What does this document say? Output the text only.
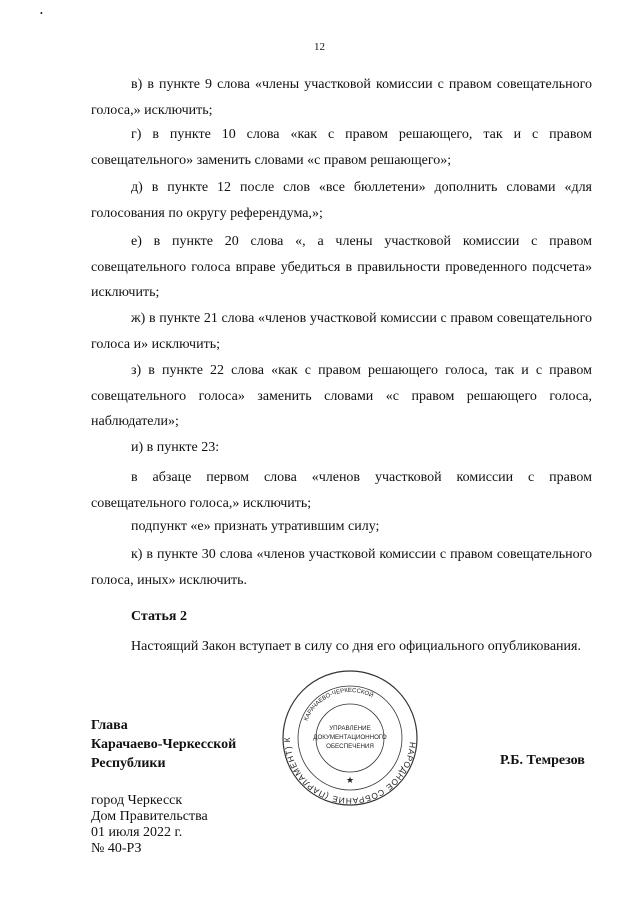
•
12
в) в пункте 9 слова «члены участковой комиссии с правом совещательного голоса,» исключить;
г) в пункте 10 слова «как с правом решающего, так и с правом совещательного» заменить словами «с правом решающего»;
д) в пункте 12 после слов «все бюллетени» дополнить словами «для голосования по округу референдума,»;
е) в пункте 20 слова «, а члены участковой комиссии с правом совещательного голоса вправе убедиться в правильности проведенного подсчета» исключить;
ж) в пункте 21 слова «членов участковой комиссии с правом совещательного голоса и» исключить;
з) в пункте 22 слова «как с правом решающего голоса, так и с правом совещательного голоса» заменить словами «с правом решающего голоса, наблюдатели»;
и) в пункте 23:
в абзаце первом слова «членов участковой комиссии с правом совещательного голоса,» исключить;
подпункт «е» признать утратившим силу;
к) в пункте 30 слова «членов участковой комиссии с правом совещательного голоса, иных» исключить.
Статья 2
Настоящий Закон вступает в силу со дня его официального опубликования.
Глава
Карачаево-Черкесской
Республики
НАРОДНОЕ СОБРАНИЕ (ПАРЛАМЕНТ) К
КАРАЧАЕВО-ЧЕРКЕССКОЙ
УПРАВЛЕНИЕ
ДОКУМЕНТАЦИОННОГО
ОБЕСПЕЧЕНИЯ
★
Р.Б. Темрезов
город Черкесск
Дом Правительства
01 июля 2022 г.
№ 40-РЗ
